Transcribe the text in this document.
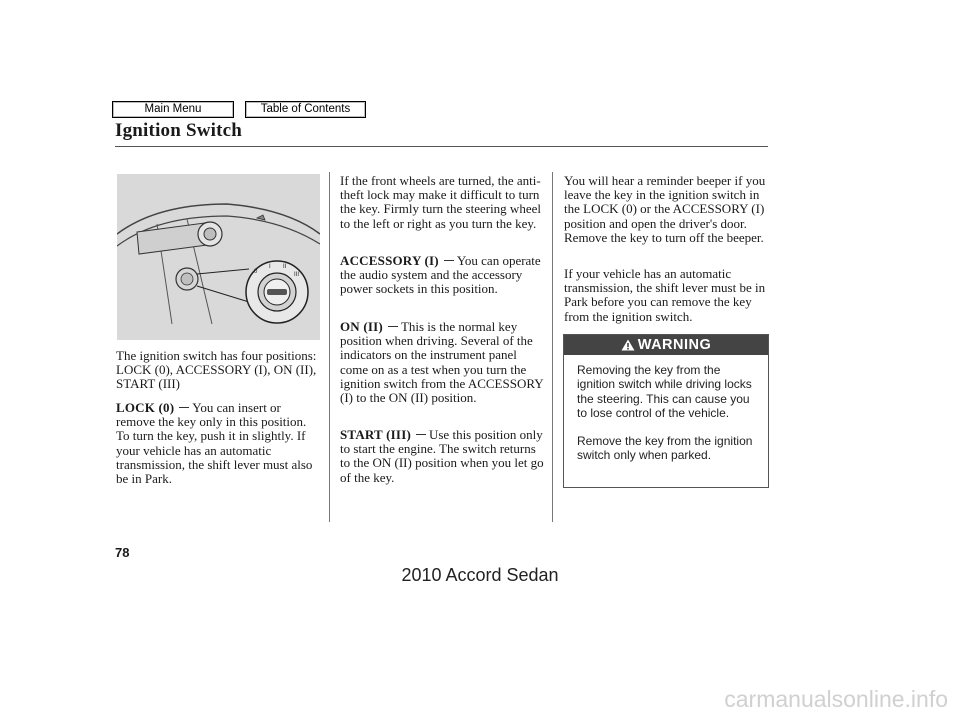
Main Menu	Table of Contents
Ignition Switch
0
I II
III

The ignition switch has four positions: LOCK (0), ACCESSORY (I), ON (II), START (III)

LOCK (0) You can insert or remove the key only in this position. To turn the key, push it in slightly. If your vehicle has an automatic transmission, the shift lever must also be in Park.

If the front wheels are turned, the anti-theft lock may make it difficult to turn the key. Firmly turn the steering wheel to the left or right as you turn the key.

ACCESSORY (I) You can operate the audio system and the accessory power sockets in this position.

ON (II) This is the normal key position when driving. Several of the indicators on the instrument panel come on as a test when you turn the ignition switch from the ACCESSORY (I) to the ON (II) position.

START (III) Use this position only to start the engine. The switch returns to the ON (II) position when you let go of the key.

You will hear a reminder beeper if you leave the key in the ignition switch in the LOCK (0) or the ACCESSORY (I) position and open the driver's door. Remove the key to turn off the beeper.

If your vehicle has an automatic transmission, the shift lever must be in Park before you can remove the key from the ignition switch.

WARNING

Removing the key from the ignition switch while driving locks the steering. This can cause you to lose control of the vehicle.

Remove the key from the ignition switch only when parked.

78
2010 Accord Sedan
carmanualsonline.info
